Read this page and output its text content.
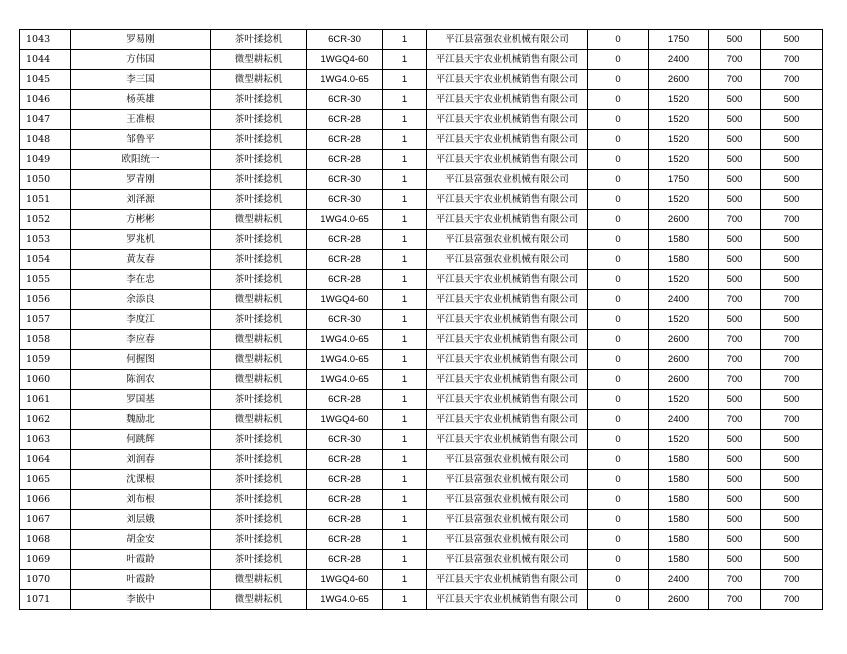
1043	罗易刚	茶叶揉捻机	6CR-30	1	平江县富强农业机械有限公司	0	1750	500	500
1044	方伟国	微型耕耘机	1WGQ4-60	1	平江县天宇农业机械销售有限公司	0	2400	700	700
1045	李三国	微型耕耘机	1WG4.0-65	1	平江县天宇农业机械销售有限公司	0	2600	700	700
1046	杨英雄	茶叶揉捻机	6CR-30	1	平江县天宇农业机械销售有限公司	0	1520	500	500
1047	王准根	茶叶揉捻机	6CR-28	1	平江县天宇农业机械销售有限公司	0	1520	500	500
1048	邹鲁平	茶叶揉捻机	6CR-28	1	平江县天宇农业机械销售有限公司	0	1520	500	500
1049	欧阳统一	茶叶揉捻机	6CR-28	1	平江县天宇农业机械销售有限公司	0	1520	500	500
1050	罗青刚	茶叶揉捻机	6CR-30	1	平江县富强农业机械有限公司	0	1750	500	500
1051	刘泽源	茶叶揉捻机	6CR-30	1	平江县天宇农业机械销售有限公司	0	1520	500	500
1052	方彬彬	微型耕耘机	1WG4.0-65	1	平江县天宇农业机械销售有限公司	0	2600	700	700
1053	罗兆机	茶叶揉捻机	6CR-28	1	平江县富强农业机械有限公司	0	1580	500	500
1054	黄友春	茶叶揉捻机	6CR-28	1	平江县富强农业机械有限公司	0	1580	500	500
1055	李在忠	茶叶揉捻机	6CR-28	1	平江县天宇农业机械销售有限公司	0	1520	500	500
1056	余添良	微型耕耘机	1WGQ4-60	1	平江县天宇农业机械销售有限公司	0	2400	700	700
1057	李度江	茶叶揉捻机	6CR-30	1	平江县天宇农业机械销售有限公司	0	1520	500	500
1058	李应春	微型耕耘机	1WG4.0-65	1	平江县天宇农业机械销售有限公司	0	2600	700	700
1059	何握图	微型耕耘机	1WG4.0-65	1	平江县天宇农业机械销售有限公司	0	2600	700	700
1060	陈润农	微型耕耘机	1WG4.0-65	1	平江县天宇农业机械销售有限公司	0	2600	700	700
1061	罗国基	茶叶揉捻机	6CR-28	1	平江县天宇农业机械销售有限公司	0	1520	500	500
1062	魏励北	微型耕耘机	1WGQ4-60	1	平江县天宇农业机械销售有限公司	0	2400	700	700
1063	何跳辉	茶叶揉捻机	6CR-30	1	平江县天宇农业机械销售有限公司	0	1520	500	500
1064	刘润春	茶叶揉捻机	6CR-28	1	平江县富强农业机械有限公司	0	1580	500	500
1065	沈课根	茶叶揉捻机	6CR-28	1	平江县富强农业机械有限公司	0	1580	500	500
1066	刘布根	茶叶揉捻机	6CR-28	1	平江县富强农业机械有限公司	0	1580	500	500
1067	刘层娥	茶叶揉捻机	6CR-28	1	平江县富强农业机械有限公司	0	1580	500	500
1068	胡金安	茶叶揉捻机	6CR-28	1	平江县富强农业机械有限公司	0	1580	500	500
1069	叶霞龄	茶叶揉捻机	6CR-28	1	平江县富强农业机械有限公司	0	1580	500	500
1070	叶霞龄	微型耕耘机	1WGQ4-60	1	平江县天宇农业机械销售有限公司	0	2400	700	700
1071	李嵌中	微型耕耘机	1WG4.0-65	1	平江县天宇农业机械销售有限公司	0	2600	700	700
